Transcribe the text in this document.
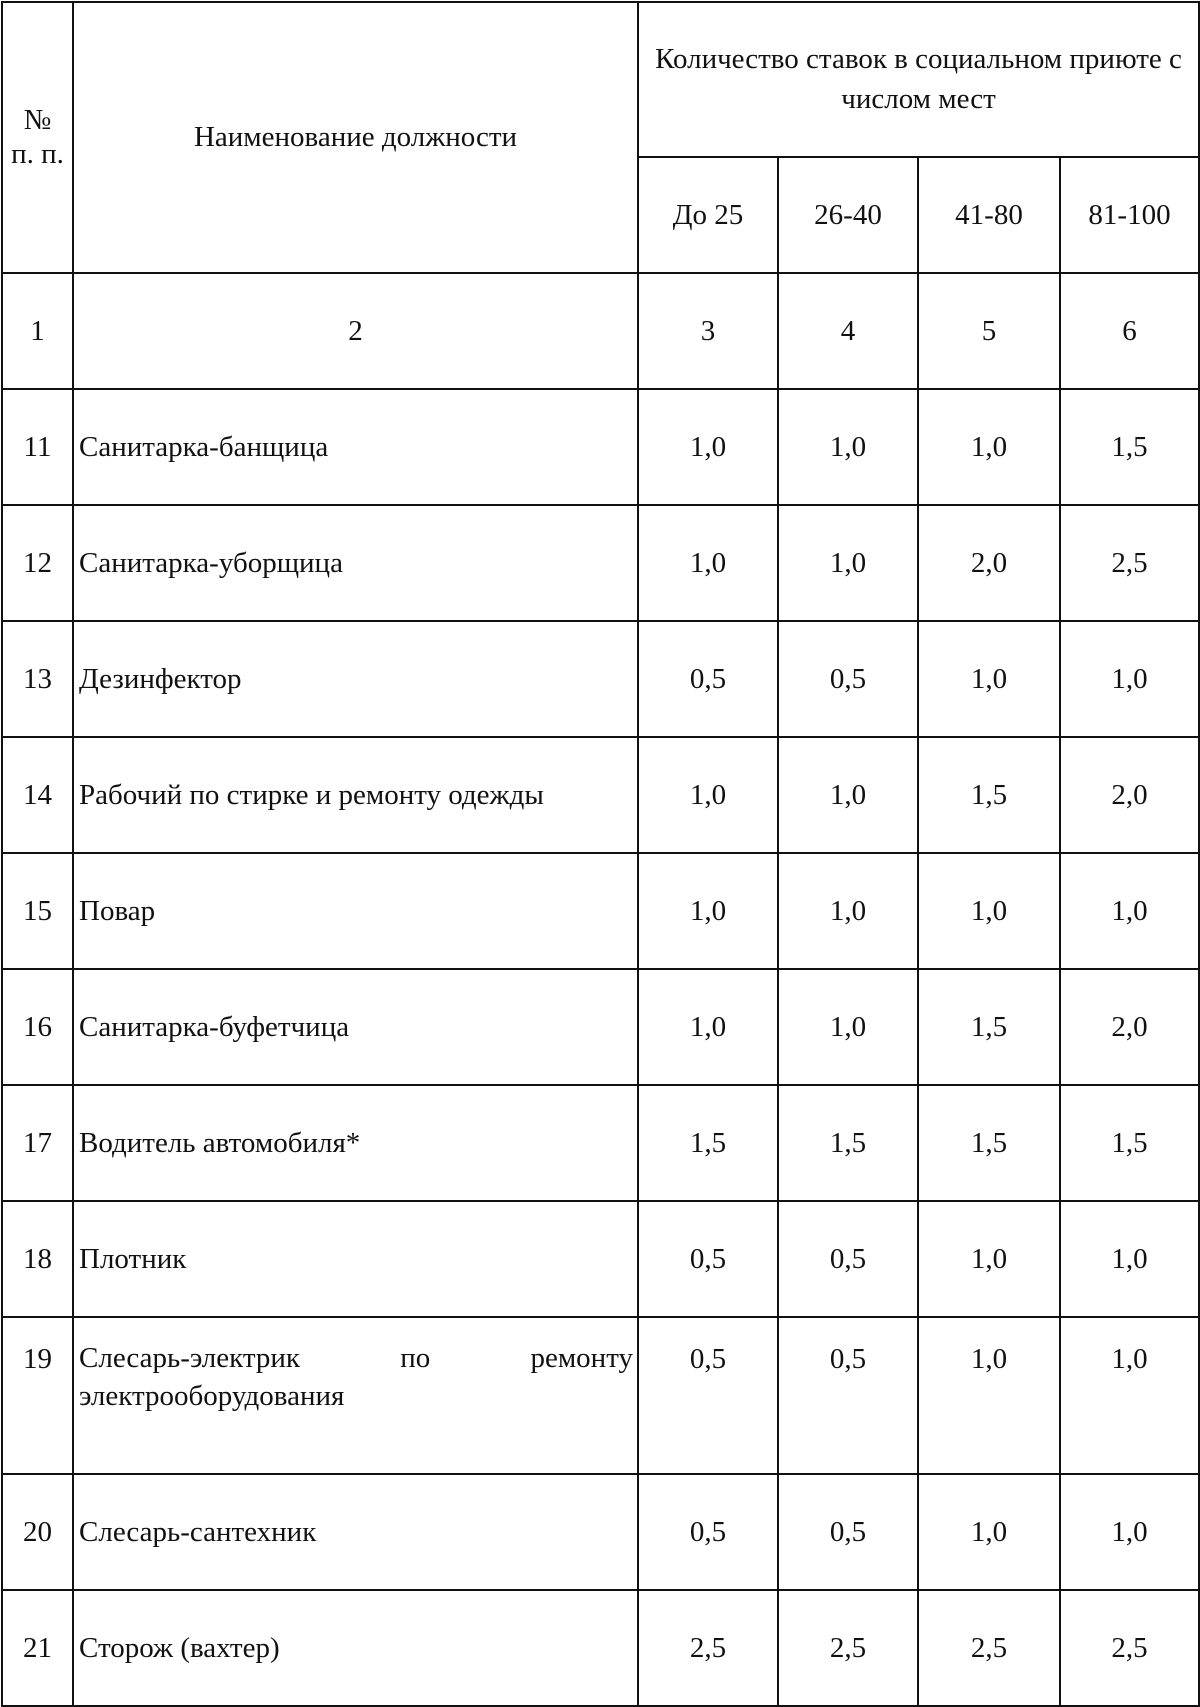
№
п. п.	Наименование должности	Количество ставок в социальном приюте с числом мест			
		До 25	26-40	41-80	81-100
1	2	3	4	5	6
11	Санитарка-банщица	1,0	1,0	1,0	1,5
12	Санитарка-уборщица	1,0	1,0	2,0	2,5
13	Дезинфектор	0,5	0,5	1,0	1,0
14	Рабочий по стирке и ремонту одежды	1,0	1,0	1,5	2,0
15	Повар	1,0	1,0	1,0	1,0
16	Санитарка-буфетчица	1,0	1,0	1,5	2,0
17	Водитель автомобиля*	1,5	1,5	1,5	1,5
18	Плотник	0,5	0,5	1,0	1,0
19	Слесарь-электрик по ремонту электрооборудования	0,5	0,5	1,0	1,0
20	Слесарь-сантехник	0,5	0,5	1,0	1,0
21	Сторож (вахтер)	2,5	2,5	2,5	2,5
